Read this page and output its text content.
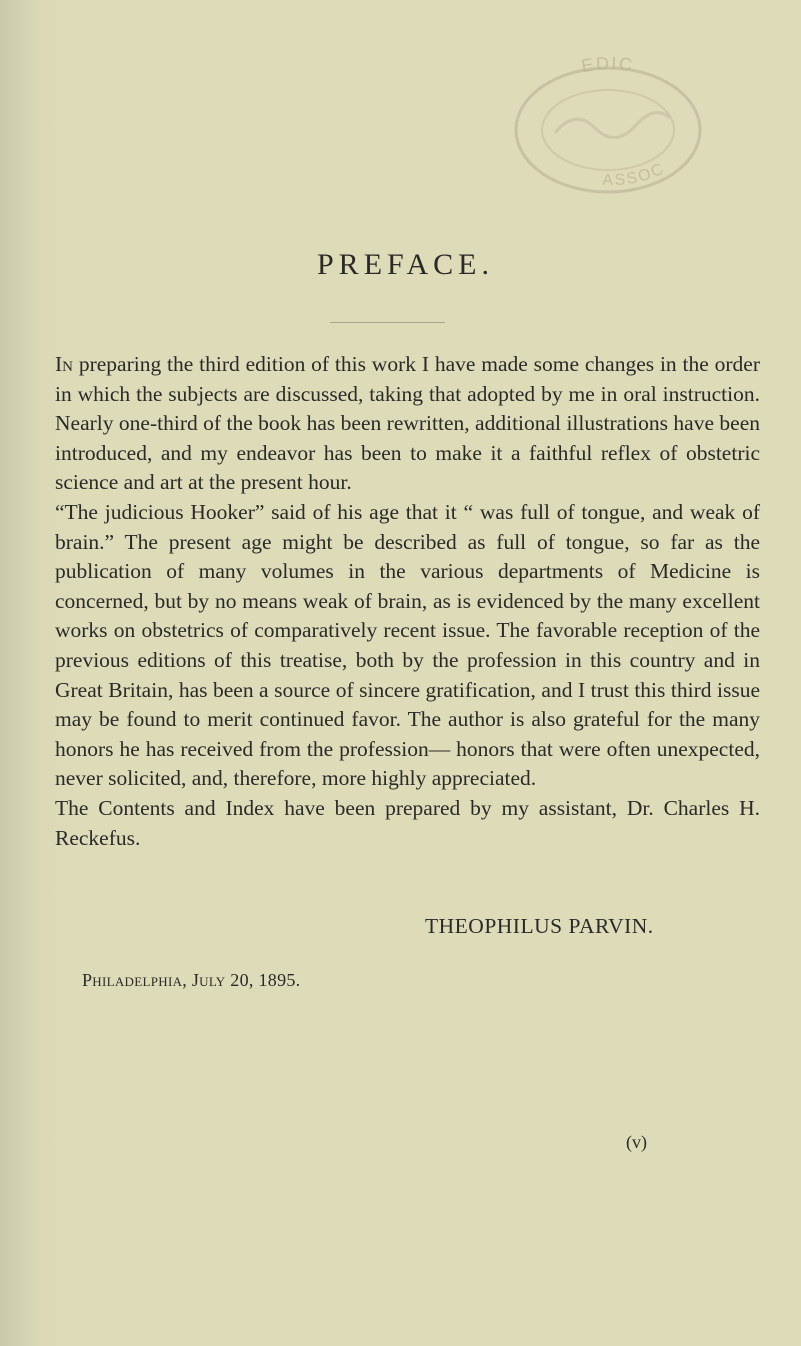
EDIC
ASSOC
PREFACE.

In preparing the third edition of this work I have made some changes in the order in which the subjects are discussed, taking that adopted by me in oral instruction. Nearly one-third of the book has been rewritten, additional illustrations have been introduced, and my endeavor has been to make it a faithful reflex of obstetric science and art at the present hour.

“The judicious Hooker” said of his age that it “ was full of tongue, and weak of brain.” The present age might be described as full of tongue, so far as the publication of many volumes in the various departments of Medicine is concerned, but by no means weak of brain, as is evidenced by the many excellent works on obstetrics of comparatively recent issue. The favorable reception of the previous editions of this treatise, both by the profession in this country and in Great Britain, has been a source of sincere gratification, and I trust this third issue may be found to merit continued favor. The author is also grateful for the many honors he has received from the profession— honors that were often unexpected, never solicited, and, therefore, more highly appreciated.

The Contents and Index have been prepared by my assistant, Dr. Charles H. Reckefus.

THEOPHILUS PARVIN.
Philadelphia, July 20, 1895.
(v)
